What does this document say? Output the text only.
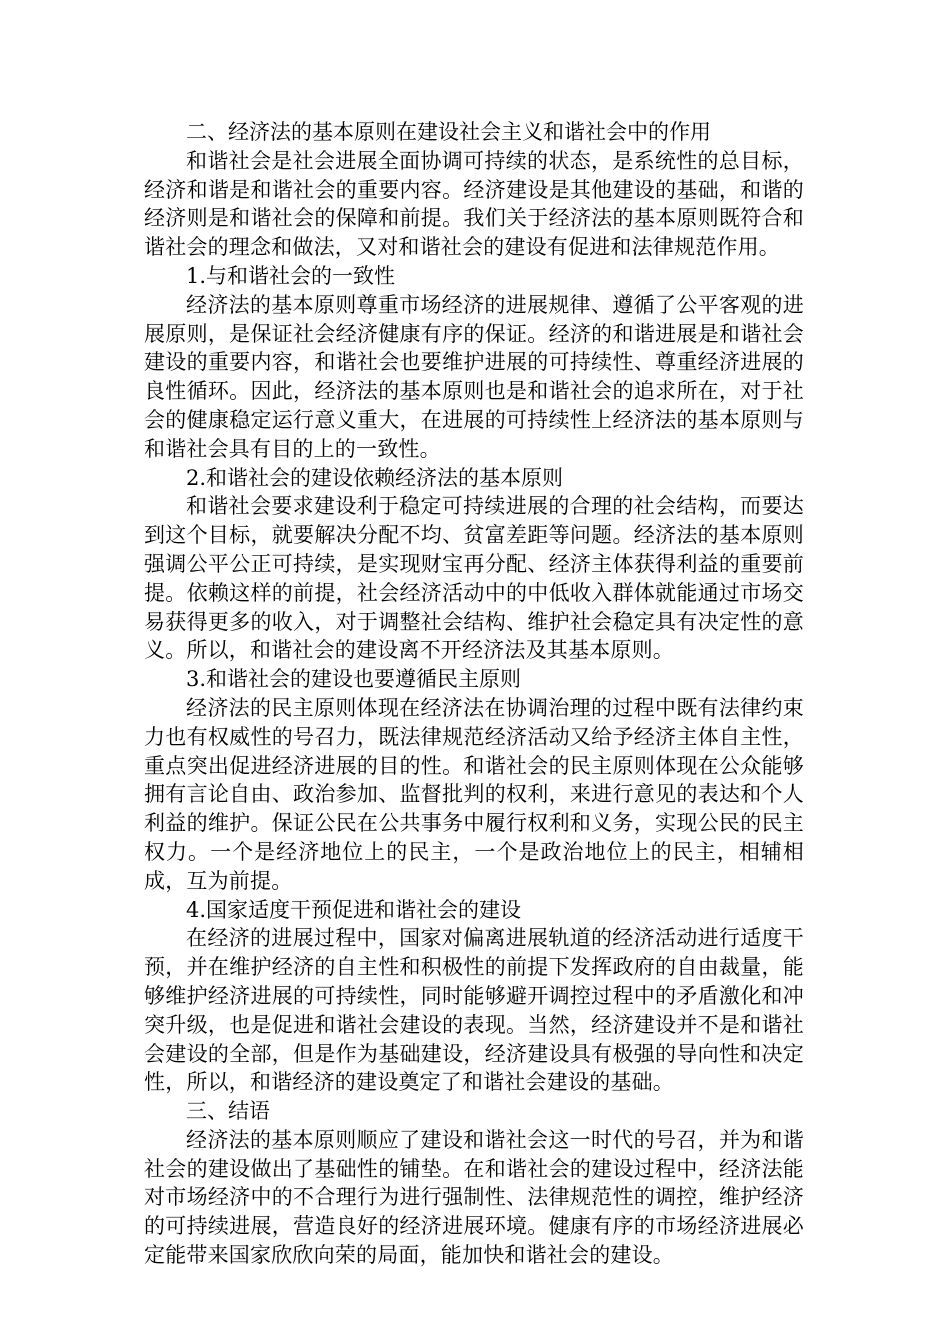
二、经济法的基本原则在建设社会主义和谐社会中的作用

和谐社会是社会进展全面协调可持续的状态，是系统性的总目标，经济和谐是和谐社会的重要内容。经济建设是其他建设的基础，和谐的经济则是和谐社会的保障和前提。我们关于经济法的基本原则既符合和谐社会的理念和做法，又对和谐社会的建设有促进和法律规范作用。

1.与和谐社会的一致性

经济法的基本原则尊重市场经济的进展规律、遵循了公平客观的进展原则，是保证社会经济健康有序的保证。经济的和谐进展是和谐社会建设的重要内容，和谐社会也要维护进展的可持续性、尊重经济进展的良性循环。因此，经济法的基本原则也是和谐社会的追求所在，对于社会的健康稳定运行意义重大，在进展的可持续性上经济法的基本原则与和谐社会具有目的上的一致性。

2.和谐社会的建设依赖经济法的基本原则

和谐社会要求建设利于稳定可持续进展的合理的社会结构，而要达到这个目标，就要解决分配不均、贫富差距等问题。经济法的基本原则强调公平公正可持续，是实现财宝再分配、经济主体获得利益的重要前提。依赖这样的前提，社会经济活动中的中低收入群体就能通过市场交易获得更多的收入，对于调整社会结构、维护社会稳定具有决定性的意义。所以，和谐社会的建设离不开经济法及其基本原则。

3.和谐社会的建设也要遵循民主原则

经济法的民主原则体现在经济法在协调治理的过程中既有法律约束力也有权威性的号召力，既法律规范经济活动又给予经济主体自主性，重点突出促进经济进展的目的性。和谐社会的民主原则体现在公众能够拥有言论自由、政治参加、监督批判的权利，来进行意见的表达和个人利益的维护。保证公民在公共事务中履行权利和义务，实现公民的民主权力。一个是经济地位上的民主，一个是政治地位上的民主，相辅相成，互为前提。

4.国家适度干预促进和谐社会的建设

在经济的进展过程中，国家对偏离进展轨道的经济活动进行适度干预，并在维护经济的自主性和积极性的前提下发挥政府的自由裁量，能够维护经济进展的可持续性，同时能够避开调控过程中的矛盾激化和冲突升级，也是促进和谐社会建设的表现。当然，经济建设并不是和谐社会建设的全部，但是作为基础建设，经济建设具有极强的导向性和决定性，所以，和谐经济的建设奠定了和谐社会建设的基础。

三、结语

经济法的基本原则顺应了建设和谐社会这一时代的号召，并为和谐社会的建设做出了基础性的铺垫。在和谐社会的建设过程中，经济法能对市场经济中的不合理行为进行强制性、法律规范性的调控，维护经济的可持续进展，营造良好的经济进展环境。健康有序的市场经济进展必定能带来国家欣欣向荣的局面，能加快和谐社会的建设。
